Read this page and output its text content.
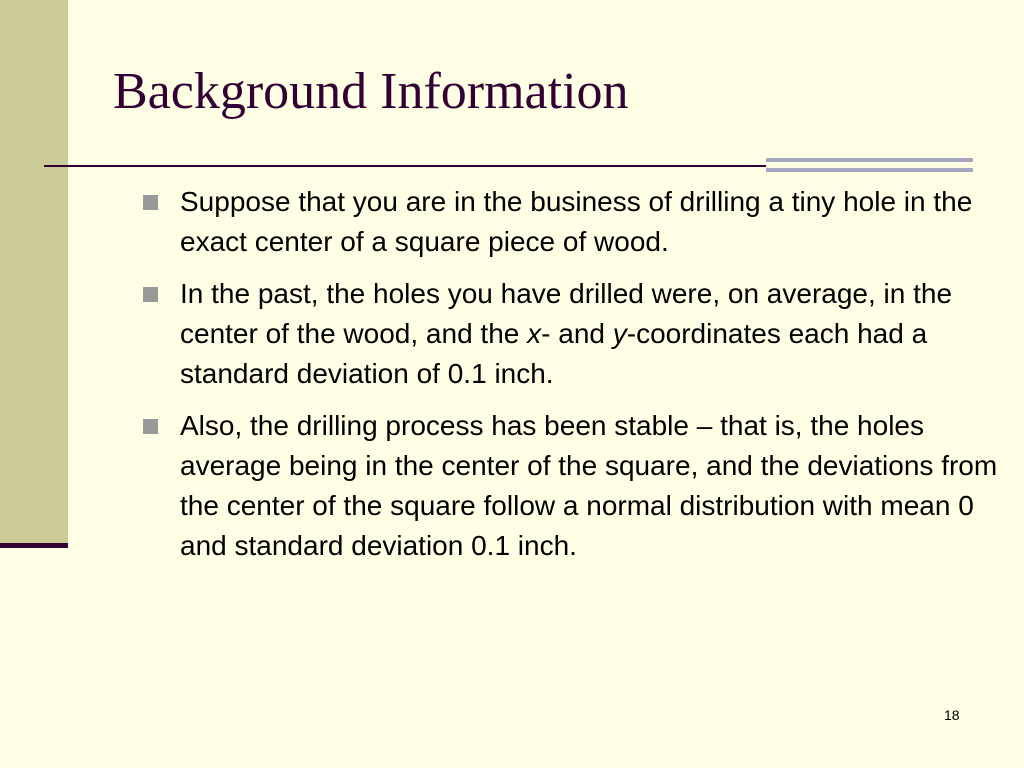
Background Information
Suppose that you are in the business of drilling a tiny hole in the exact center of a square piece of wood.
In the past, the holes you have drilled were, on average, in the center of the wood, and the x- and y-coordinates each had a standard deviation of 0.1 inch.
Also, the drilling process has been stable – that is, the holes average being in the center of the square, and the deviations from the center of the square follow a normal distribution with mean 0 and standard deviation 0.1 inch.
18
